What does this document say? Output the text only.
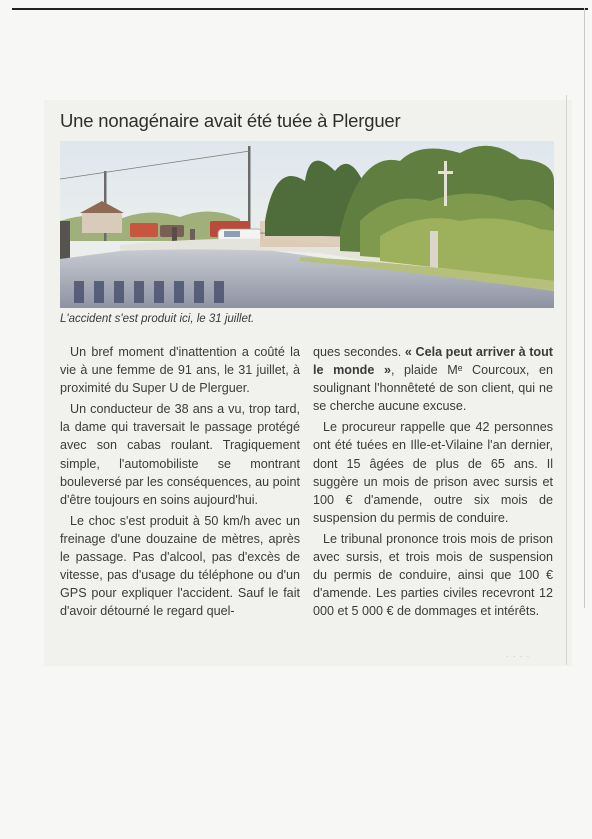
Une nonagénaire avait été tuée à Plerguer

L'accident s'est produit ici, le 31 juillet.

Un bref moment d'inattention a coûté la vie à une femme de 91 ans, le 31 juillet, à proximité du Super U de Plerguer.

Un conducteur de 38 ans a vu, trop tard, la dame qui traversait le passage protégé avec son cabas roulant. Tragiquement simple, l'automobiliste se montrant bouleversé par les conséquences, au point d'être toujours en soins aujourd'hui.

Le choc s'est produit à 50 km/h avec un freinage d'une douzaine de mètres, après le passage. Pas d'alcool, pas d'excès de vitesse, pas d'usage du téléphone ou d'un GPS pour expliquer l'accident. Sauf le fait d'avoir détourné le regard quel-

ques secondes. « Cela peut arriver à tout le monde », plaide Mᵉ Courcoux, en soulignant l'honnêteté de son client, qui ne se cherche aucune excuse.

Le procureur rappelle que 42 personnes ont été tuées en Ille-et-Vilaine l'an dernier, dont 15 âgées de plus de 65 ans. Il suggère un mois de prison avec sursis et 100 € d'amende, outre six mois de suspension du permis de conduire.

Le tribunal prononce trois mois de prison avec sursis, et trois mois de suspension du permis de conduire, ainsi que 100 € d'amende. Les parties civiles recevront 12 000 et 5 000 € de dommages et intérêts.

· · · ·
